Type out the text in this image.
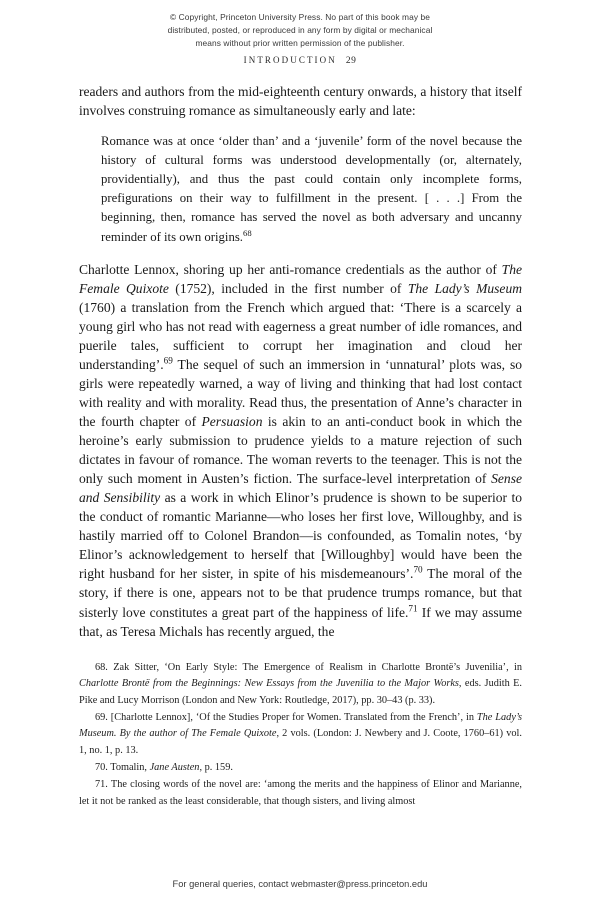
© Copyright, Princeton University Press. No part of this book may be
distributed, posted, or reproduced in any form by digital or mechanical
means without prior written permission of the publisher.
INTRODUCTION 29

readers and authors from the mid-eighteenth century onwards, a history that itself involves construing romance as simultaneously early and late:

Romance was at once ‘older than’ and a ‘juvenile’ form of the novel because the history of cultural forms was understood developmentally (or, alternately, providentially), and thus the past could contain only incomplete forms, prefigurations on their way to fulfillment in the present. [ . . .] From the beginning, then, romance has served the novel as both adversary and uncanny reminder of its own origins.$^{68}$

Charlotte Lennox, shoring up her anti-romance credentials as the author of The Female Quixote (1752), included in the first number of The Lady’s Museum (1760) a translation from the French which argued that: ‘There is a scarcely a young girl who has not read with eagerness a great number of idle romances, and puerile tales, sufficient to corrupt her imagination and cloud her understanding’.$^{69}$ The sequel of such an immersion in ‘unnatural’ plots was, so girls were repeatedly warned, a way of living and thinking that had lost contact with reality and with morality. Read thus, the presentation of Anne’s character in the fourth chapter of Persuasion is akin to an anti-conduct book in which the heroine’s early submission to prudence yields to a mature rejection of such dictates in favour of romance. The woman reverts to the teenager. This is not the only such moment in Austen’s fiction. The surface-level interpretation of Sense and Sensibility as a work in which Elinor’s prudence is shown to be superior to the conduct of romantic Marianne—who loses her first love, Willoughby, and is hastily married off to Colonel Brandon—is confounded, as Tomalin notes, ‘by Elinor’s acknowledgement to herself that [Willoughby] would have been the right husband for her sister, in spite of his misdemeanours’.$^{70}$ The moral of the story, if there is one, appears not to be that prudence trumps romance, but that sisterly love constitutes a great part of the happiness of life.$^{71}$ If we may assume that, as Teresa Michals has recently argued, the

68. Zak Sitter, ‘On Early Style: The Emergence of Realism in Charlotte Brontë’s Juvenilia’, in Charlotte Brontë from the Beginnings: New Essays from the Juvenilia to the Major Works, eds. Judith E. Pike and Lucy Morrison (London and New York: Routledge, 2017), pp. 30–43 (p. 33).

69. [Charlotte Lennox], ‘Of the Studies Proper for Women. Translated from the French’, in The Lady’s Museum. By the author of The Female Quixote, 2 vols. (London: J. Newbery and J. Coote, 1760–61) vol. 1, no. 1, p. 13.

70. Tomalin, Jane Austen, p. 159.

71. The closing words of the novel are: ‘among the merits and the happiness of Elinor and Marianne, let it not be ranked as the least considerable, that though sisters, and living almost

For general queries, contact webmaster@press.princeton.edu
